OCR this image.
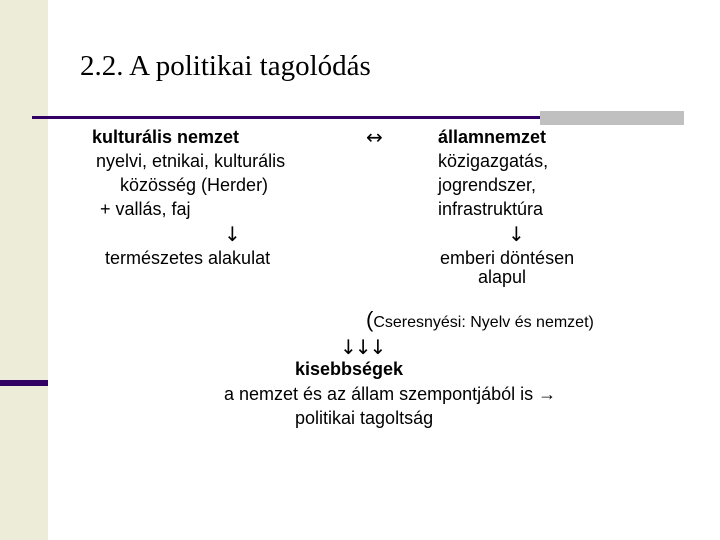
2.2. A politikai tagolódás
kulturális nemzet
nyelvi, etnikai, kulturális
közösség (Herder)
+ vallás, faj
↓
természetes alakulat
↔	államnemzet
közigazgatás,
jogrendszer,
infrastruktúra
↓
emberi döntésen
alapul
(Cseresnyési: Nyelv és nemzet)
↓↓↓
kisebbségek
a nemzet és az állam szempontjából is →
politikai tagoltság
